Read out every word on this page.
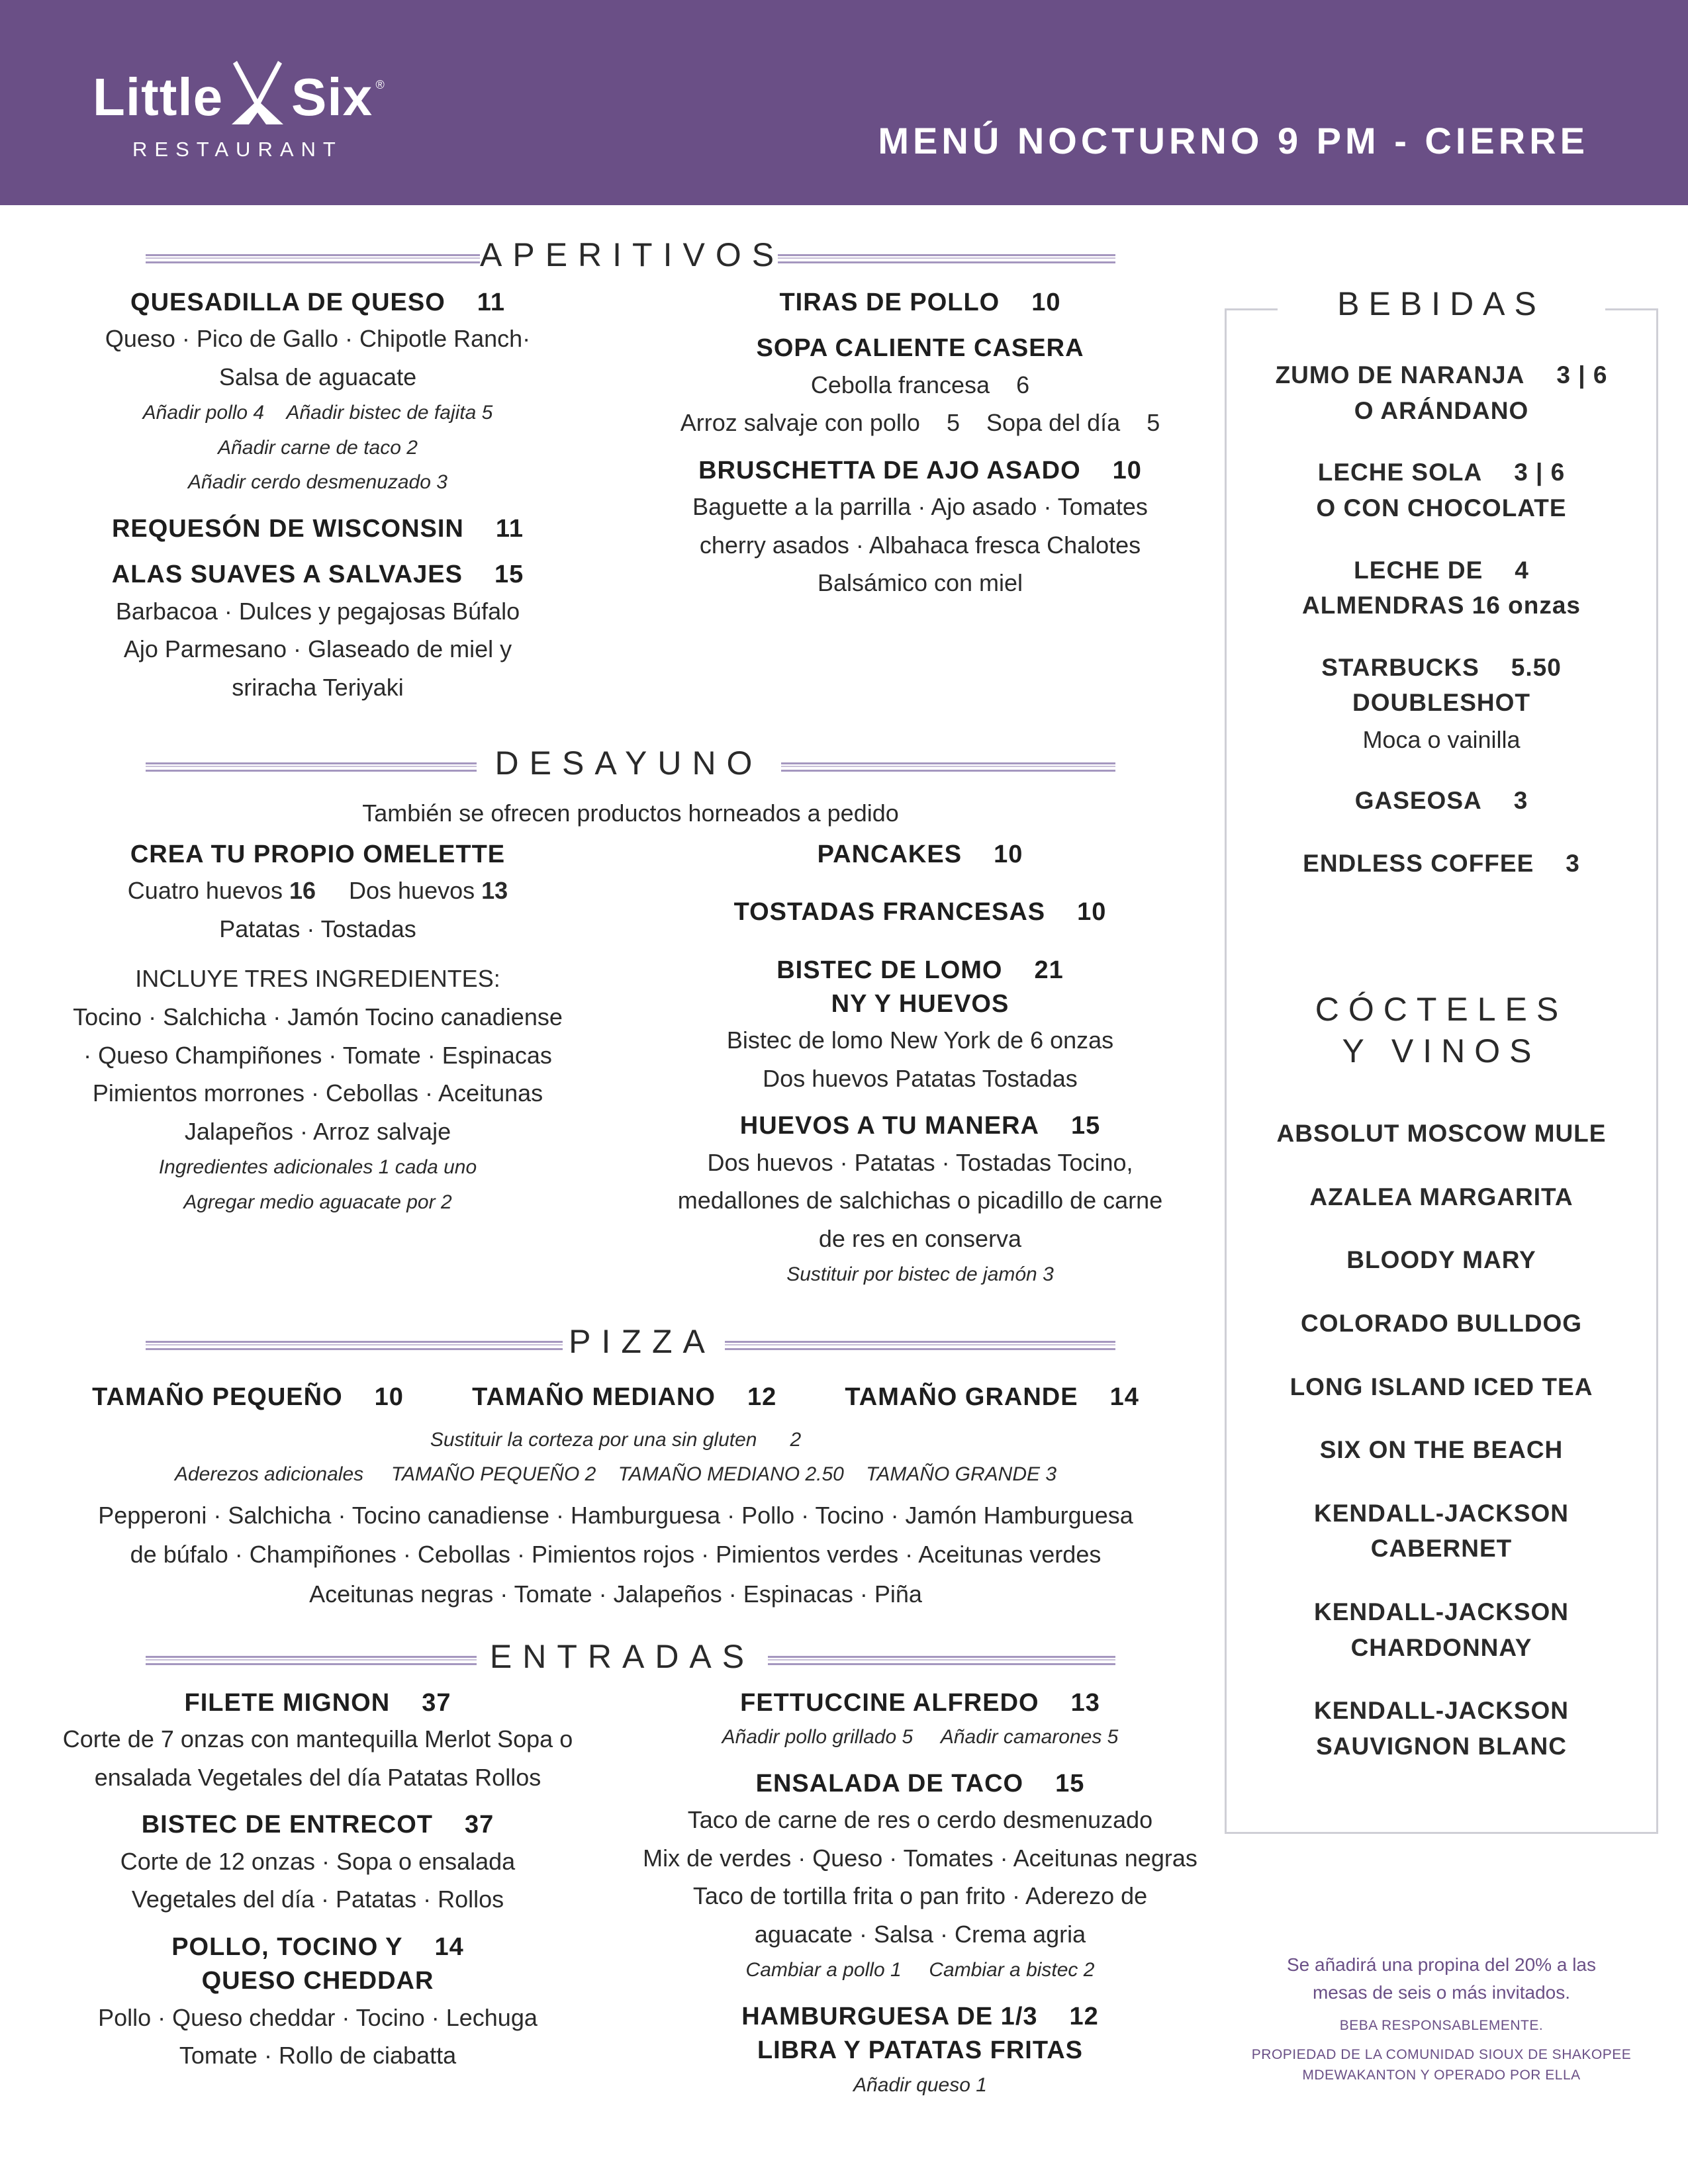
Little Six ®
RESTAURANT	MENÚ NOCTURNO 9 PM - CIERRE
APERITIVOS
QUESADILLA DE QUESO 11
Queso · Pico de Gallo · Chipotle Ranch·
Salsa de aguacate
Añadir pollo 4 Añadir bistec de fajita 5
Añadir carne de taco 2
Añadir cerdo desmenuzado 3
REQUESÓN DE WISCONSIN 11
ALAS SUAVES A SALVAJES 15
Barbacoa · Dulces y pegajosas Búfalo
Ajo Parmesano · Glaseado de miel y
sriracha Teriyaki
TIRAS DE POLLO 10
SOPA CALIENTE CASERA
Cebolla francesa 6
Arroz salvaje con pollo 5 Sopa del día 5
BRUSCHETTA DE AJO ASADO 10
Baguette a la parrilla · Ajo asado · Tomates
cherry asados · Albahaca fresca Chalotes
Balsámico con miel
DESAYUNO
También se ofrecen productos horneados a pedido
CREA TU PROPIO OMELETTE
Cuatro huevos 16 Dos huevos 13
Patatas · Tostadas
INCLUYE TRES INGREDIENTES:
Tocino · Salchicha · Jamón Tocino canadiense
· Queso Champiñones · Tomate · Espinacas
Pimientos morrones · Cebollas · Aceitunas
Jalapeños · Arroz salvaje
Ingredientes adicionales 1 cada uno
Agregar medio aguacate por 2
PANCAKES 10
TOSTADAS FRANCESAS 10
BISTEC DE LOMO 21
NY Y HUEVOS
Bistec de lomo New York de 6 onzas
Dos huevos Patatas Tostadas
HUEVOS A TU MANERA 15
Dos huevos · Patatas · Tostadas Tocino,
medallones de salchichas o picadillo de carne
de res en conserva
Sustituir por bistec de jamón 3
PIZZA
TAMAÑO PEQUEÑO 10	TAMAÑO MEDIANO 12	TAMAÑO GRANDE 14
Sustituir la corteza por una sin gluten 2
Aderezos adicionales TAMAÑO PEQUEÑO 2 TAMAÑO MEDIANO 2.50 TAMAÑO GRANDE 3
Pepperoni · Salchicha · Tocino canadiense · Hamburguesa · Pollo · Tocino · Jamón Hamburguesa
de búfalo · Champiñones · Cebollas · Pimientos rojos · Pimientos verdes · Aceitunas verdes
Aceitunas negras · Tomate · Jalapeños · Espinacas · Piña
ENTRADAS
FILETE MIGNON 37
Corte de 7 onzas con mantequilla Merlot Sopa o
ensalada Vegetales del día Patatas Rollos
BISTEC DE ENTRECOT 37
Corte de 12 onzas · Sopa o ensalada
Vegetales del día · Patatas · Rollos
POLLO, TOCINO Y 14
QUESO CHEDDAR
Pollo · Queso cheddar · Tocino · Lechuga
Tomate · Rollo de ciabatta
FETTUCCINE ALFREDO 13
Añadir pollo grillado 5 Añadir camarones 5
ENSALADA DE TACO 15
Taco de carne de res o cerdo desmenuzado
Mix de verdes · Queso · Tomates · Aceitunas negras
Taco de tortilla frita o pan frito · Aderezo de
aguacate · Salsa · Crema agria
Cambiar a pollo 1 Cambiar a bistec 2
HAMBURGUESA DE 1/3 12
LIBRA Y PATATAS FRITAS
Añadir queso 1
BEBIDAS
ZUMO DE NARANJA 3 | 6
O ARÁNDANO
LECHE SOLA 3 | 6
O CON CHOCOLATE
LECHE DE 4
ALMENDRAS 16 onzas
STARBUCKS 5.50
DOUBLESHOT
Moca o vainilla
GASEOSA 3
ENDLESS COFFEE 3
CÓCTELES
Y VINOS
ABSOLUT MOSCOW MULE
AZALEA MARGARITA
BLOODY MARY
COLORADO BULLDOG
LONG ISLAND ICED TEA
SIX ON THE BEACH
KENDALL-JACKSON
CABERNET
KENDALL-JACKSON
CHARDONNAY
KENDALL-JACKSON
SAUVIGNON BLANC
Se añadirá una propina del 20% a las
mesas de seis o más invitados.
BEBA RESPONSABLEMENTE.
PROPIEDAD DE LA COMUNIDAD SIOUX DE SHAKOPEE
MDEWAKANTON Y OPERADO POR ELLA
